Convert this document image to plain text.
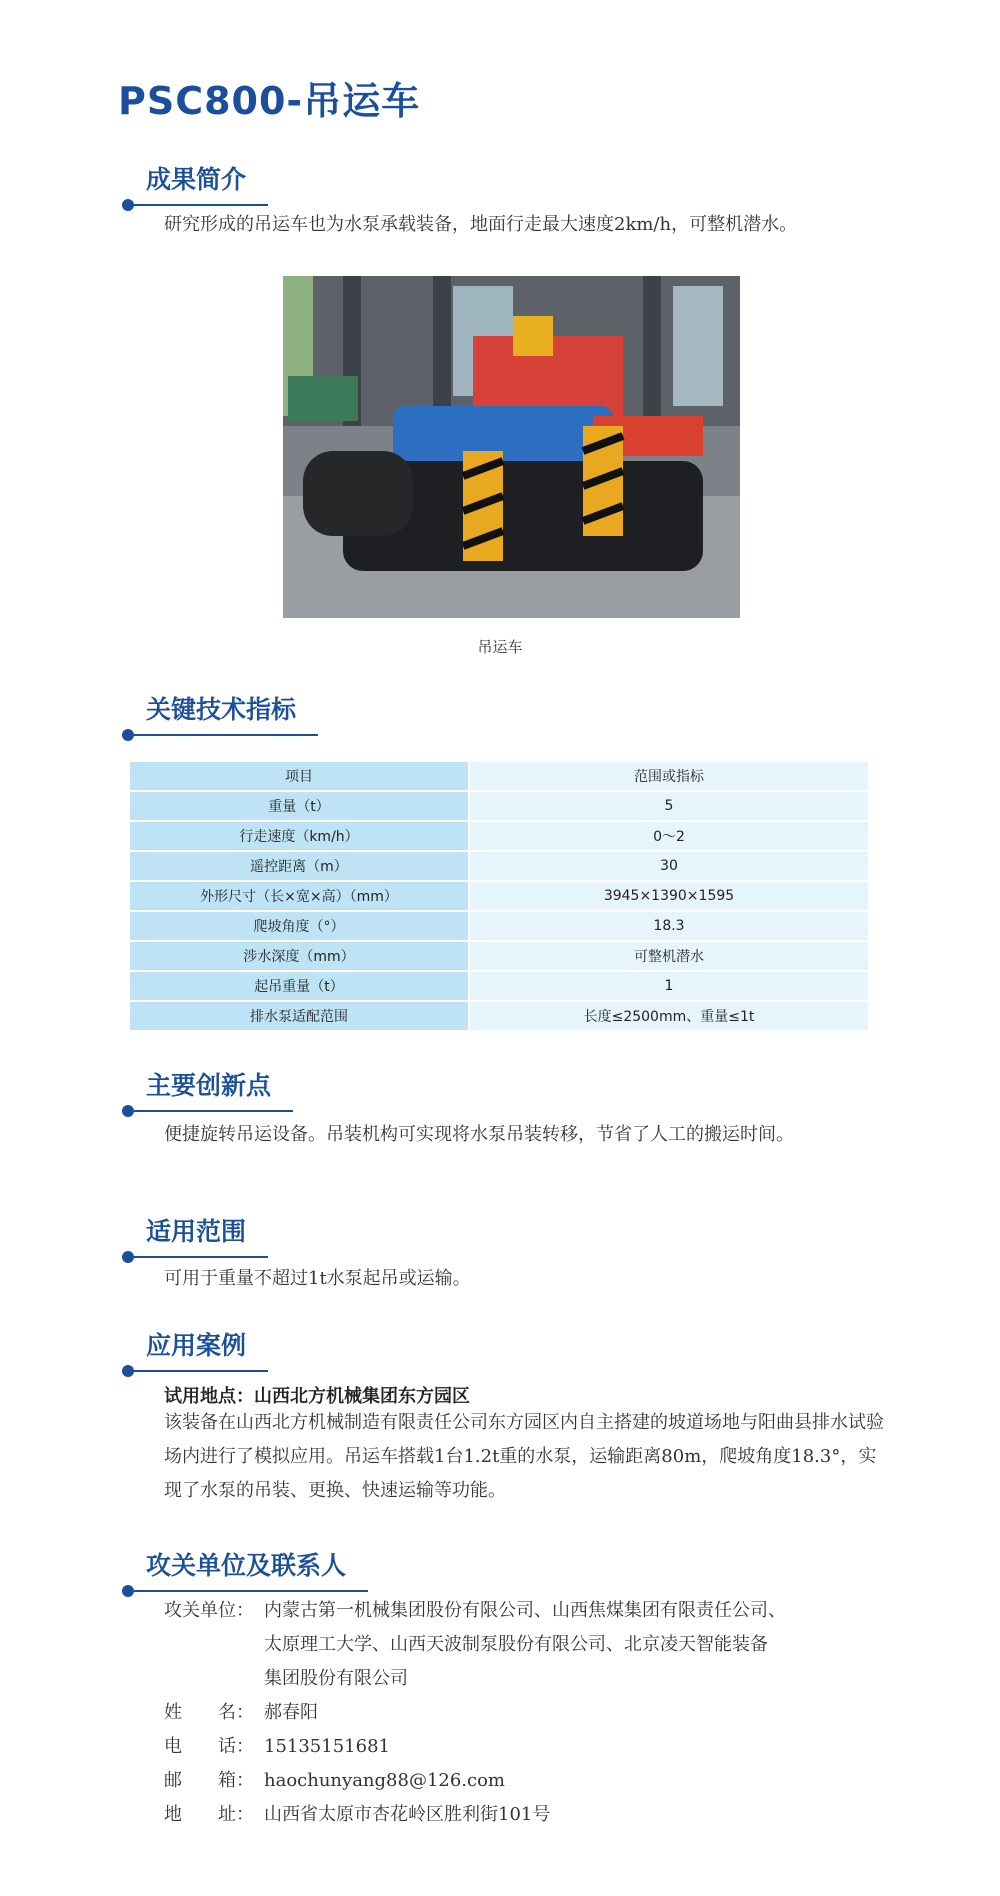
PSC800-吊运车
成果简介
研究形成的吊运车也为水泵承载装备，地面行走最大速度2km/h，可整机潜水。
吊运车
关键技术指标
项目	范围或指标
重量（t）	5
行走速度（km/h）	0～2
遥控距离（m）	30
外形尺寸（长×宽×高）（mm）	3945×1390×1595
爬坡角度（°）	18.3
涉水深度（mm）	可整机潜水
起吊重量（t）	1
排水泵适配范围	长度≤2500mm、重量≤1t
主要创新点
便捷旋转吊运设备。吊装机构可实现将水泵吊装转移，节省了人工的搬运时间。
适用范围
可用于重量不超过1t水泵起吊或运输。
应用案例
试用地点：山西北方机械集团东方园区
该装备在山西北方机械制造有限责任公司东方园区内自主搭建的坡道场地与阳曲县排水试验场内进行了模拟应用。吊运车搭载1台1.2t重的水泵，运输距离80m，爬坡角度18.3°，实现了水泵的吊装、更换、快速运输等功能。
攻关单位及联系人
攻关单位： 内蒙古第一机械集团股份有限公司、山西焦煤集团有限责任公司、
太原理工大学、山西天波制泵股份有限公司、北京凌天智能装备
集团股份有限公司
姓　　名： 郝春阳
电　　话： 15135151681
邮　　箱： haochunyang88@126.com
地　　址： 山西省太原市杏花岭区胜利街101号
